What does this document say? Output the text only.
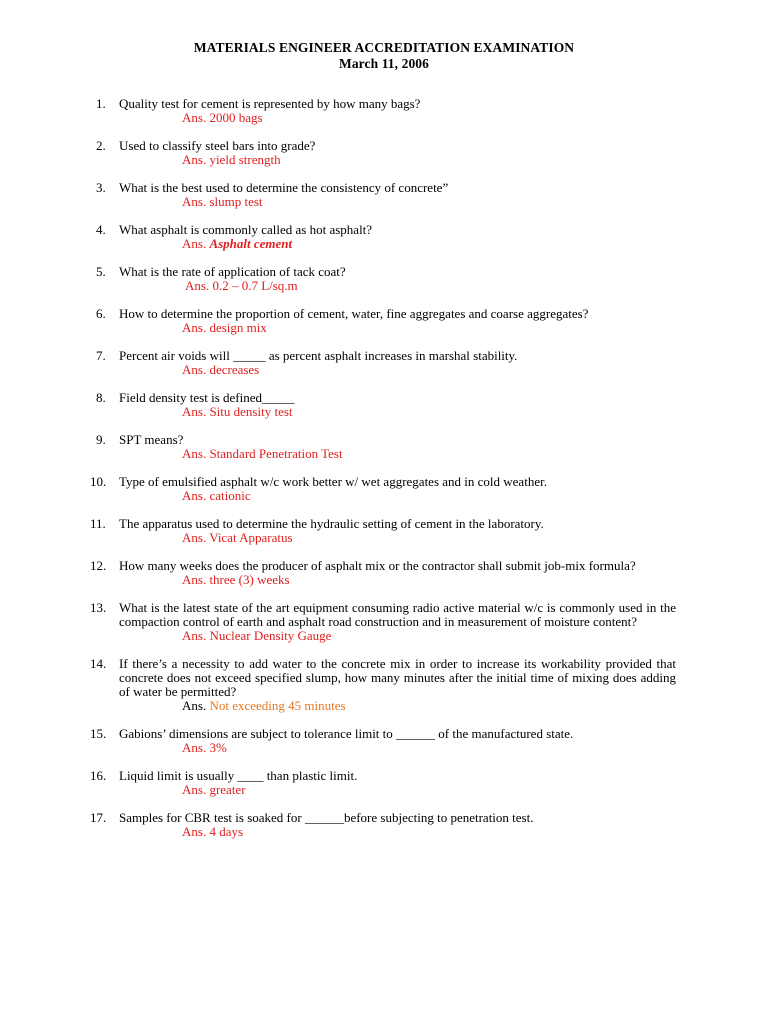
MATERIALS ENGINEER ACCREDITATION EXAMINATION
March 11, 2006
1. Quality test for cement is represented by how many bags?
Ans. 2000 bags
2. Used to classify steel bars into grade?
Ans. yield strength
3. What is the best used to determine the consistency of concrete”
Ans. slump test
4. What asphalt is commonly called as hot asphalt?
Ans. Asphalt cement
5. What is the rate of application of tack coat?
Ans. 0.2 – 0.7 L/sq.m
6. How to determine the proportion of cement, water, fine aggregates and coarse aggregates?
Ans. design mix
7. Percent air voids will _____ as percent asphalt increases in marshal stability.
Ans. decreases
8. Field density test is defined_____
Ans. Situ density test
9. SPT means?
Ans. Standard Penetration Test
10. Type of emulsified asphalt w/c work better w/ wet aggregates and in cold weather.
Ans. cationic
11. The apparatus used to determine the hydraulic setting of cement in the laboratory.
Ans. Vicat Apparatus
12. How many weeks does the producer of asphalt mix or the contractor shall submit job-mix formula?
Ans. three (3) weeks
13. What is the latest state of the art equipment consuming radio active material w/c is commonly used in the compaction control of earth and asphalt road construction and in measurement of moisture content?
Ans. Nuclear Density Gauge
14. If there’s a necessity to add water to the concrete mix in order to increase its workability provided that concrete does not exceed specified slump, how many minutes after the initial time of mixing does adding of water be permitted?
Ans. Not exceeding 45 minutes
15. Gabions’ dimensions are subject to tolerance limit to ______ of the manufactured state.
Ans. 3%
16. Liquid limit is usually ____ than plastic limit.
Ans. greater
17. Samples for CBR test is soaked for ______before subjecting to penetration test.
Ans. 4 days
